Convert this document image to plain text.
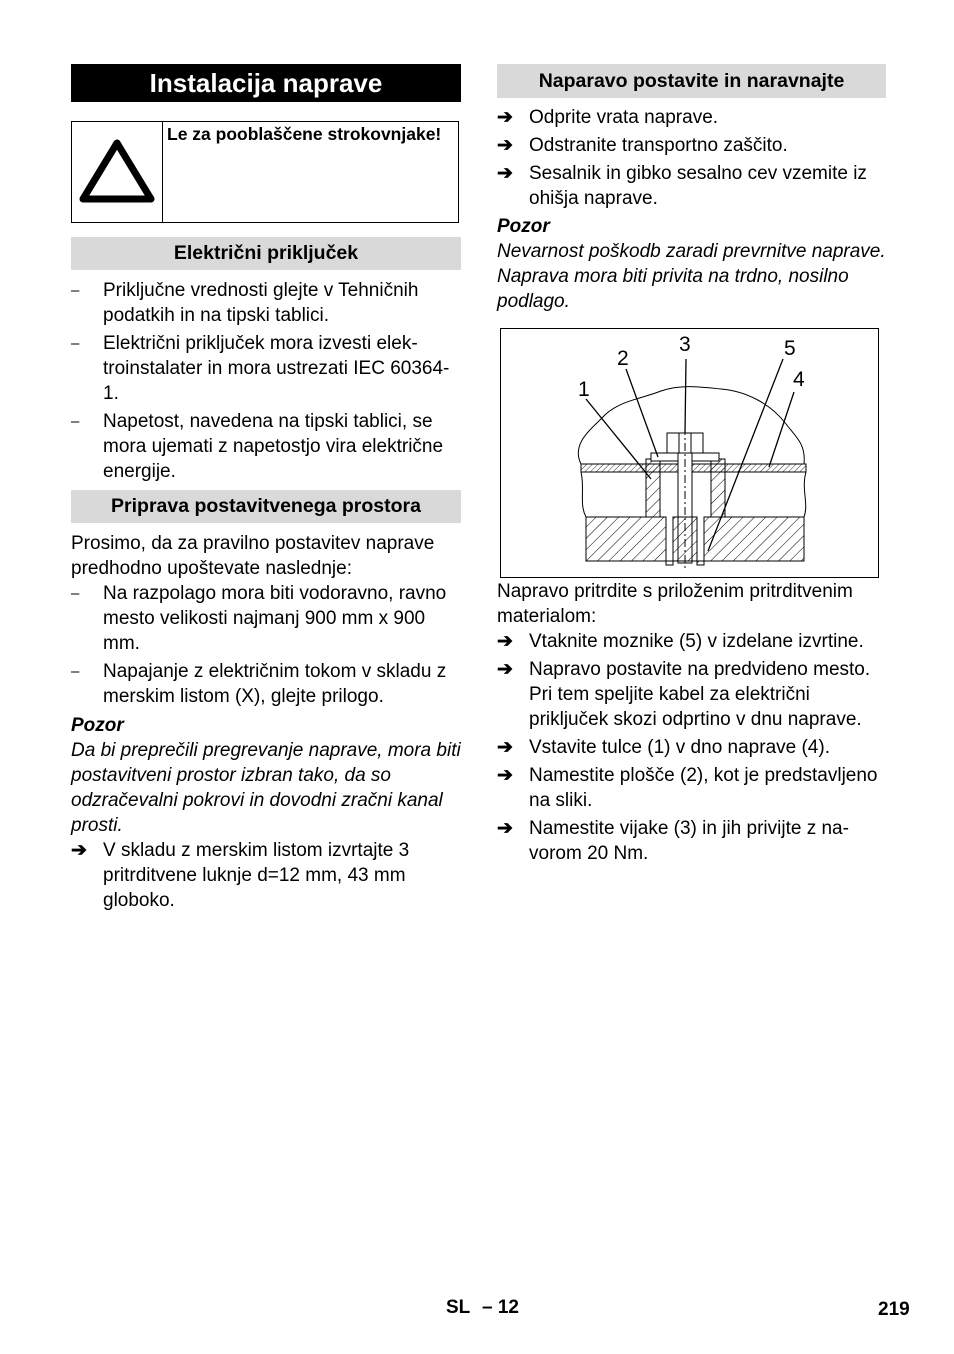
Instalacija naprave
Le za pooblaščene strokovnjake!
Električni priključek
–	Priključne vrednosti glejte v Tehničnih podatkih in na tipski tablici.
–	Električni priključek mora izvesti elektroinstalater in mora ustrezati IEC 60364-1.
–	Napetost, navedena na tipski tablici, se mora ujemati z napetostjo vira električne energije.
Priprava postavitvenega prostora

Prosimo, da za pravilno postavitev naprave predhodno upoštevate naslednje:

–	Na razpolago mora biti vodoravno, ravno mesto velikosti najmanj 900 mm x 900 mm.
–	Napajanje z električnim tokom v skladu z merskim listom (X), glejte prilogo.

Pozor

Da bi preprečili pregrevanje naprave, mora biti postavitveni prostor izbran tako, da so odzračevalni pokrovi in dovodni zračni kanal prosti.

➔ V skladu z merskim listom izvrtajte 3 pritrditvene luknje d=12 mm, 43 mm globoko.
Naparavo postavite in naravnajte
➔ Odprite vrata naprave.
➔ Odstranite transportno zaščito.
➔ Sesalnik in gibko sesalno cev vzemite iz ohišja naprave.

Pozor

Nevarnost poškodb zaradi prevrnitve naprave. Naprava mora biti privita na trdno, nosilno podlago.

1
2
3
4
5

Napravo pritrdite s priloženim pritrditvenim materialom:

➔ Vtaknite moznike (5) v izdelane izvrtine.
➔ Napravo postavite na predvideno mesto. Pri tem speljite kabel za električni priključek skozi odprtino v dnu naprave.
➔ Vstavite tulce (1) v dno naprave (4).
➔ Namestite plošče (2), kot je predstavljeno na sliki.
➔ Namestite vijake (3) in jih privijte z navorom 20 Nm.
SL – 12	219
